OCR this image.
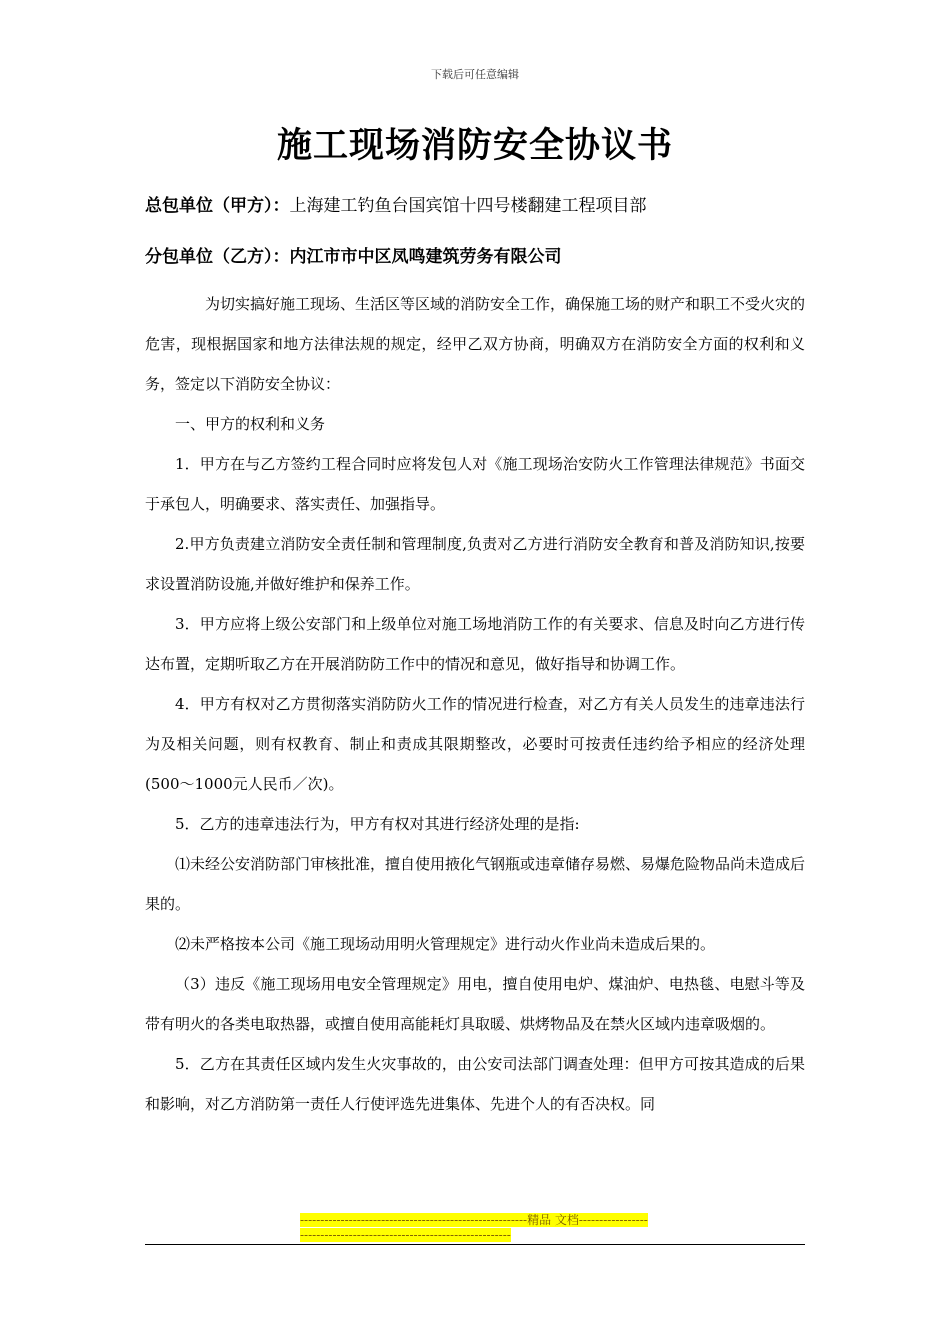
下载后可任意编辑
施工现场消防安全协议书
总包单位（甲方）：上海建工钓鱼台国宾馆十四号楼翻建工程项目部
分包单位（乙方）：内江市市中区凤鸣建筑劳务有限公司

为切实搞好施工现场、生活区等区域的消防安全工作，确保施工场的财产和职工不受火灾的危害，现根据国家和地方法律法规的规定，经甲乙双方协商，明确双方在消防安全方面的权利和义务，签定以下消防安全协议：

一、甲方的权利和义务

1．甲方在与乙方签约工程合同时应将发包人对《施工现场治安防火工作管理法律规范》书面交于承包人，明确要求、落实责任、加强指导。

2.甲方负责建立消防安全责任制和管理制度,负责对乙方进行消防安全教育和普及消防知识,按要求设置消防设施,并做好维护和保养工作。

3．甲方应将上级公安部门和上级单位对施工场地消防工作的有关要求、信息及时向乙方进行传达布置，定期听取乙方在开展消防防工作中的情况和意见，做好指导和协调工作。

4．甲方有权对乙方贯彻落实消防防火工作的情况进行检查，对乙方有关人员发生的违章违法行为及相关问题，则有权教育、制止和责成其限期整改，必要时可按责任违约给予相应的经济处理(500～1000元人民币／次)。

5．乙方的违章违法行为，甲方有权对其进行经济处理的是指:

⑴未经公安消防部门审核批准，擅自使用掖化气钢瓶或违章储存易燃、易爆危险物品尚未造成后果的。

⑵未严格按本公司《施工现场动用明火管理规定》进行动火作业尚未造成后果的。

（3）违反《施工现场用电安全管理规定》用电，擅自使用电炉、煤油炉、电热毯、电慰斗等及带有明火的各类电取热器，或擅自使用高能耗灯具取暖、烘烤物品及在禁火区域内违章吸烟的。

5．乙方在其责任区域内发生火灾事故的，由公安司法部门调查处理：但甲方可按其造成的后果和影响，对乙方消防第一责任人行使评选先进集体、先进个人的有否决权。同

--------------------------------------------------------精品 文档---------------------------------------------------------------------
